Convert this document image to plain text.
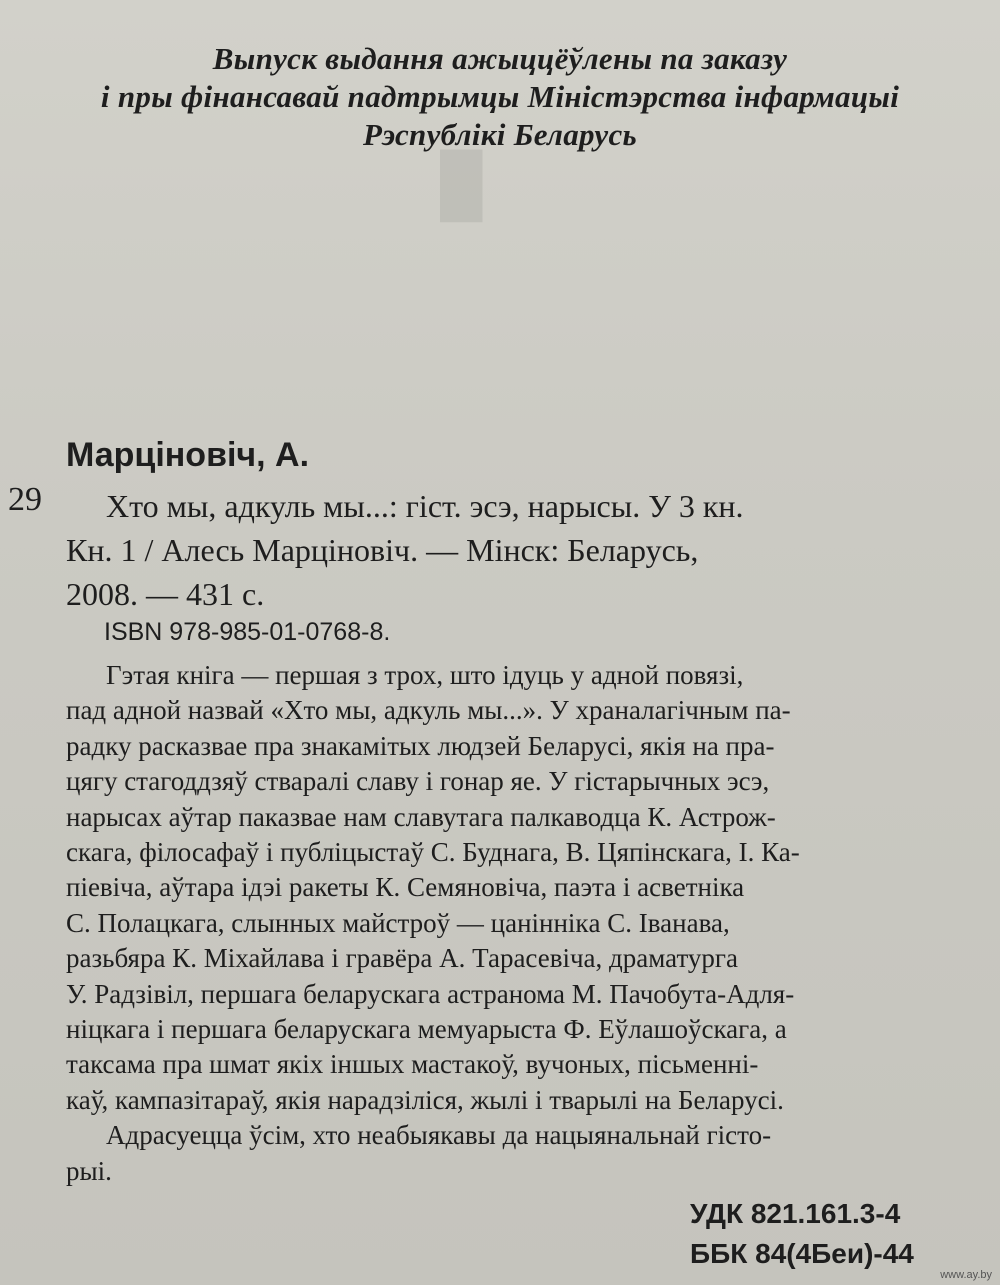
█
Выпуск выдання ажыццёўлены па заказу
і пры фінансавай падтрымцы Міністэрства інфармацыі
Рэспублікі Беларусь
Марціновіч, А.
29	Хто мы, адкуль мы...: гіст. эсэ, нарысы. У 3 кн.
Кн. 1 / Алесь Марціновіч. — Мінск: Беларусь,
2008. — 431 с.
ISBN 978-985-01-0768-8.
Гэтая кніга — першая з трох, што ідуць у адной повязі,
пад адной назвай «Хто мы, адкуль мы...». У храналагічным па-
радку расказвае пра знакамітых людзей Беларусі, якія на пра-
цягу стагоддзяў стваралі славу і гонар яе. У гістарычных эсэ,
нарысах аўтар паказвае нам славутага палкаводца К. Астрож-
скага, філосафаў і публіцыстаў С. Буднага, В. Цяпінскага, І. Ка-
піевіча, аўтара ідэі ракеты К. Семяновіча, паэта і асветніка
С. Полацкага, слынных майстроў — цаніннікa С. Іванава,
разьбяра К. Міхайлава і гравёра А. Тарасевіча, драматурга
У. Радзівіл, першага беларускага астранома М. Пачобута-Адля-
ніцкага і першага беларускага мемуарыста Ф. Еўлашоўскага, а
таксама пра шмат якіх іншых мастакоў, вучоных, пісьменні-
каў, кампазітараў, якія нарадзіліся, жылі і тварылі на Беларусі.
Адрасуецца ўсім, хто неабыякавы да нацыянальнай гісто-
рыі.
УДК 821.161.3-4
ББК 84(4Беи)-44
www.ay.by
